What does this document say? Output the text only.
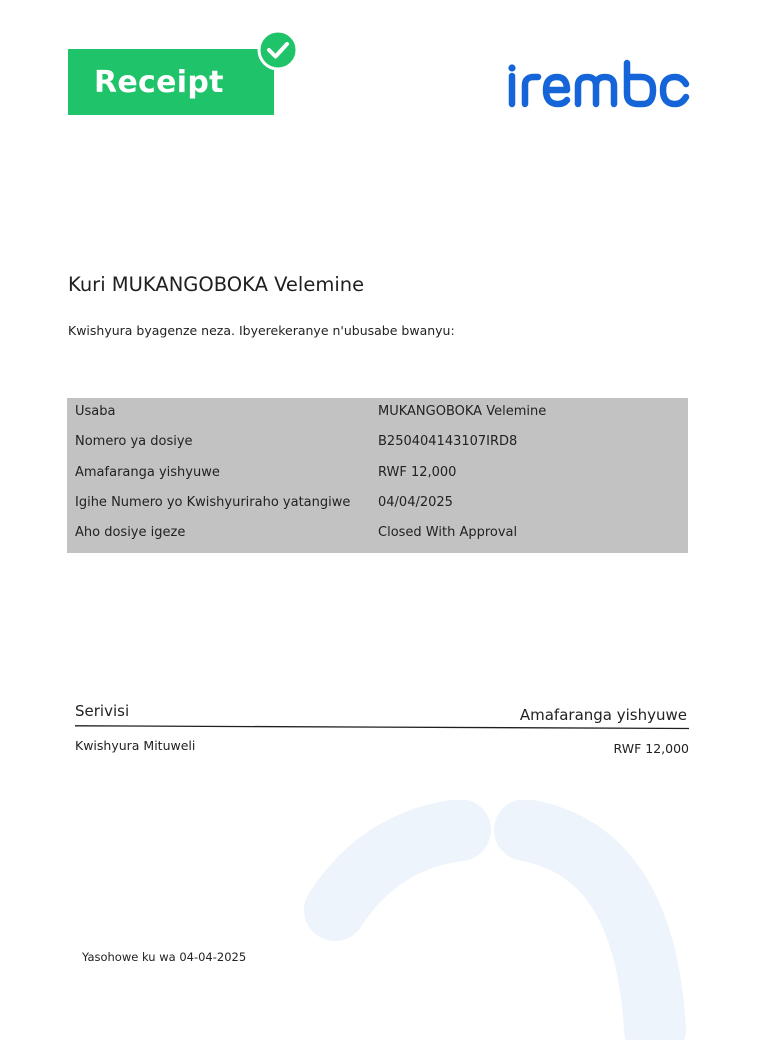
Receipt
Kuri MUKANGOBOKA Velemine
Kwishyura byagenze neza. Ibyerekeranye n'ubusabe bwanyu:
Usaba	MUKANGOBOKA Velemine
Nomero ya dosiye	B250404143107IRD8
Amafaranga yishyuwe	RWF 12,000
Igihe Numero yo Kwishyuriraho yatangiwe 04/04/2025
Aho dosiye igeze	Closed With Approval
Serivisi	Amafaranga yishyuwe
Kwishyura Mituweli	RWF 12,000
Yasohowe ku wa 04-04-2025
